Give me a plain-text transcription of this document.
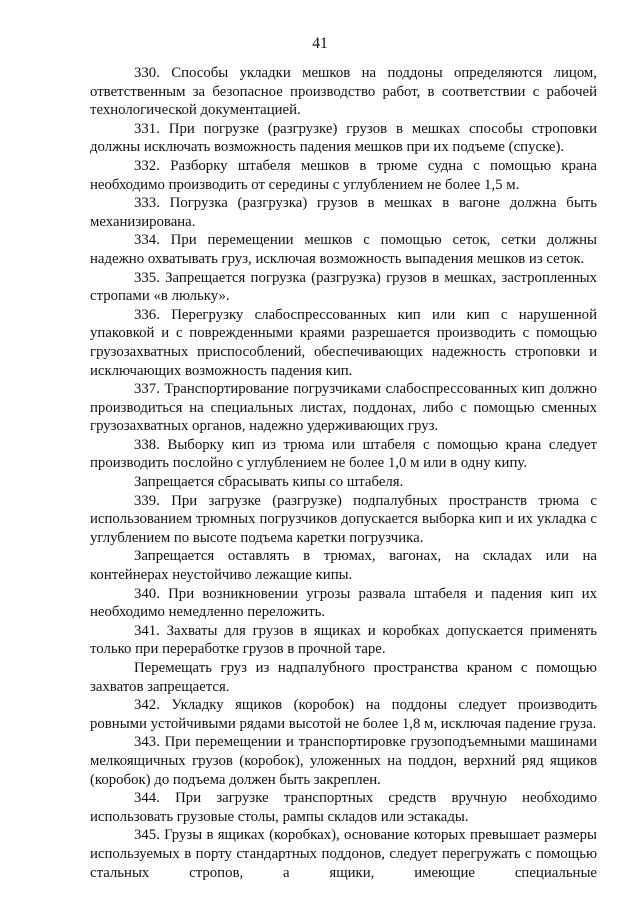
41

330. Способы укладки мешков на поддоны определяются лицом, ответственным за безопасное производство работ, в соответствии с рабочей технологической документацией.

331. При погрузке (разгрузке) грузов в мешках способы строповки должны исключать возможность падения мешков при их подъеме (спуске).

332. Разборку штабеля мешков в трюме судна с помощью крана необходимо производить от середины с углублением не более 1,5 м.

333. Погрузка (разгрузка) грузов в мешках в вагоне должна быть механизирована.

334. При перемещении мешков с помощью сеток, сетки должны надежно охватывать груз, исключая возможность выпадения мешков из сеток.

335. Запрещается погрузка (разгрузка) грузов в мешках, застропленных стропами «в люльку».

336. Перегрузку слабоспрессованных кип или кип с нарушенной упаковкой и с поврежденными краями разрешается производить с помощью грузозахватных приспособлений, обеспечивающих надежность строповки и исключающих возможность падения кип.

337. Транспортирование погрузчиками слабоспрессованных кип должно производиться на специальных листах, поддонах, либо с помощью сменных грузозахватных органов, надежно удерживающих груз.

338. Выборку кип из трюма или штабеля с помощью крана следует производить послойно с углублением не более 1,0 м или в одну кипу.

Запрещается сбрасывать кипы со штабеля.

339. При загрузке (разгрузке) подпалубных пространств трюма с использованием трюмных погрузчиков допускается выборка кип и их укладка с углублением по высоте подъема каретки погрузчика.

Запрещается оставлять в трюмах, вагонах, на складах или на контейнерах неустойчиво лежащие кипы.

340. При возникновении угрозы развала штабеля и падения кип их необходимо немедленно переложить.

341. Захваты для грузов в ящиках и коробках допускается применять только при переработке грузов в прочной таре.

Перемещать груз из надпалубного пространства краном с помощью захватов запрещается.

342. Укладку ящиков (коробок) на поддоны следует производить ровными устойчивыми рядами высотой не более 1,8 м, исключая падение груза.

343. При перемещении и транспортировке грузоподъемными машинами мелкоящичных грузов (коробок), уложенных на поддон, верхний ряд ящиков (коробок) до подъема должен быть закреплен.

344. При загрузке транспортных средств вручную необходимо использовать грузовые столы, рампы складов или эстакады.

345. Грузы в ящиках (коробках), основание которых превышает размеры используемых в порту стандартных поддонов, следует перегружать с помощью стальных стропов, а ящики, имеющие специальные
